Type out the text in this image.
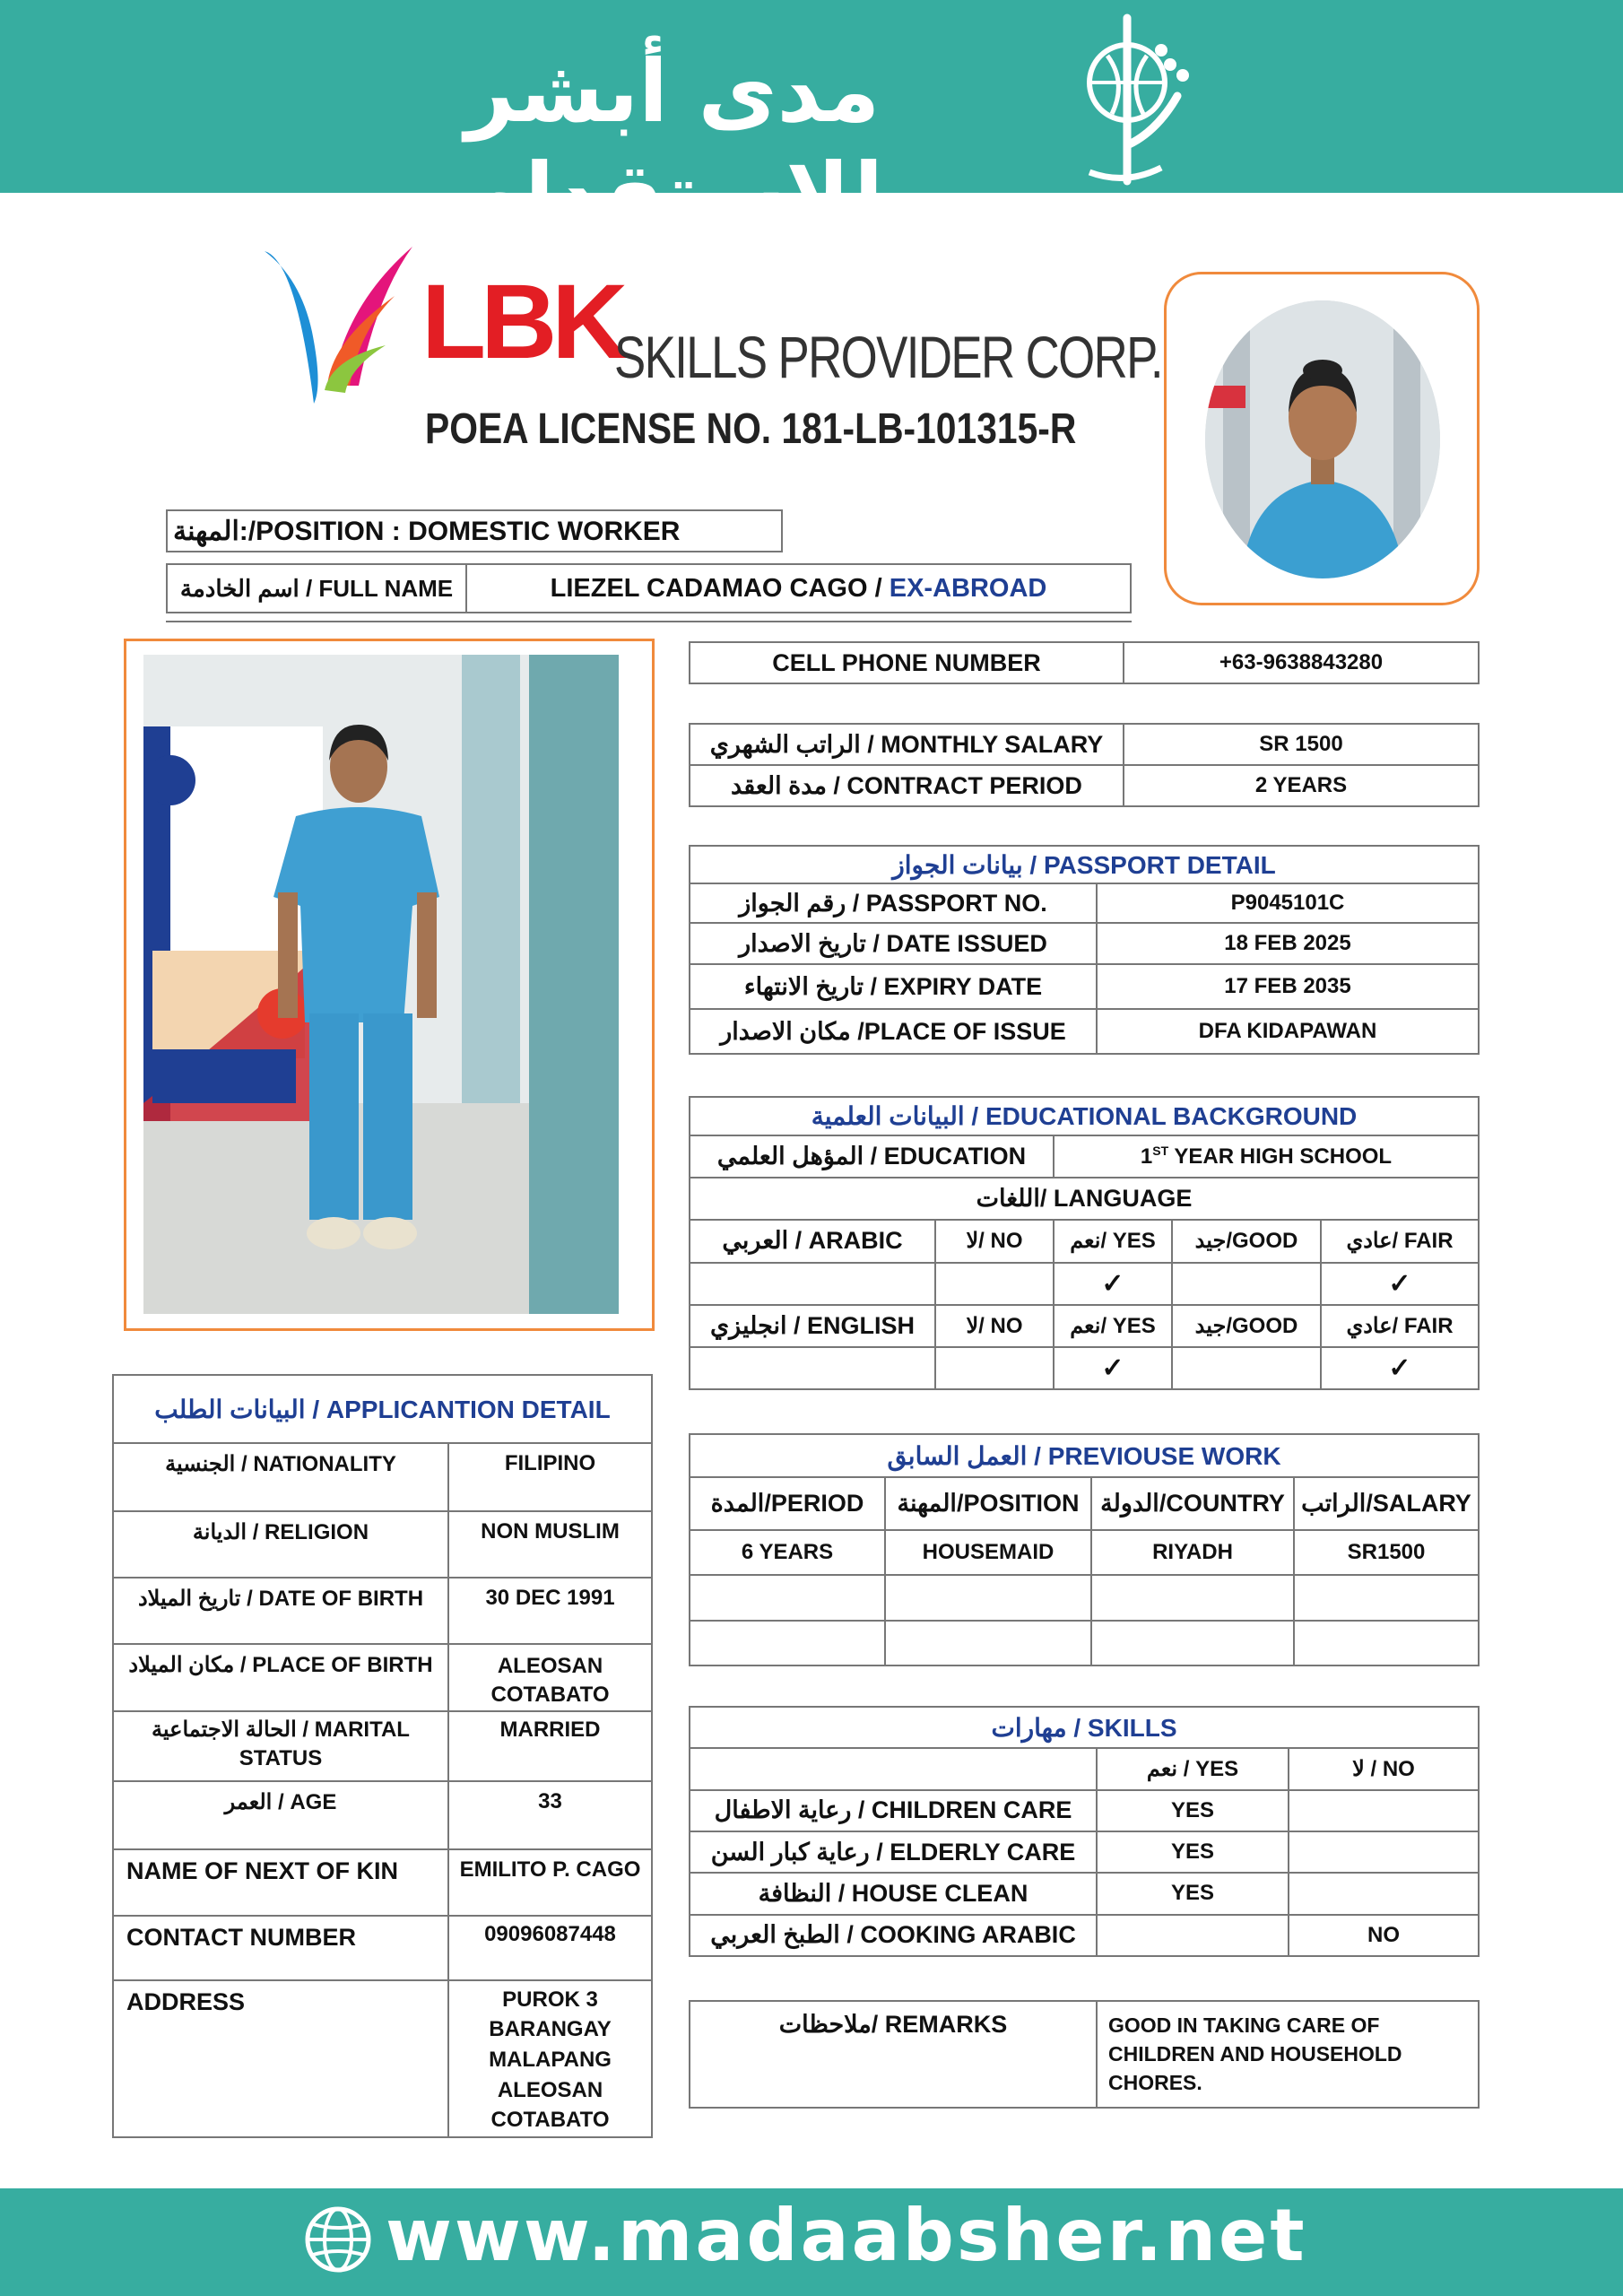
مدى أبشر للاستقدام
LBK
SKILLS PROVIDER CORP.
POEA LICENSE NO. 181-LB-101315-R
المهنة:/POSITION : DOMESTIC WORKER
اسم الخادمة / FULL NAME	LIEZEL CADAMAO CAGO / EX-ABROAD
CELL PHONE NUMBER	+63-9638843280
الراتب الشهري / MONTHLY SALARY	SR 1500
مدة العقد / CONTRACT PERIOD	2 YEARS
بيانات الجواز / PASSPORT DETAIL	
رقم الجواز / PASSPORT NO.	P9045101C
تاريخ الاصدار / DATE ISSUED	18 FEB 2025
تاريخ الانتهاء / EXPIRY DATE	17 FEB 2035
مكان الاصدار /PLACE OF ISSUE	DFA KIDAPAWAN
البيانات العلمية / EDUCATIONAL BACKGROUND				
المؤهل العلمي / EDUCATION		1ST YEAR HIGH SCHOOL		
اللغات/ LANGUAGE				
العربي / ARABIC	لا/ NO	نعم/ YES	جيد/GOOD	عادي/ FAIR
		✓		✓
انجليزي / ENGLISH	لا/ NO	نعم/ YES	جيد/GOOD	عادي/ FAIR
		✓		✓
البيانات الطلب / APPLICANTION DETAIL	
الجنسية / NATIONALITY	FILIPINO
الديانة / RELIGION	NON MUSLIM
تاريخ الميلاد / DATE OF BIRTH	30 DEC 1991
مكان الميلاد / PLACE OF BIRTH	ALEOSAN COTABATO
الحالة الاجتماعية / MARITAL STATUS	MARRIED
العمر / AGE	33
NAME OF NEXT OF KIN	EMILITO P. CAGO
CONTACT NUMBER	09096087448
ADDRESS	PUROK 3 BARANGAY MALAPANG ALEOSAN COTABATO
العمل السابق / PREVIOUSE WORK			
المدة/PERIOD	المهنة/POSITION	الدولة/COUNTRY	الراتب/SALARY
6 YEARS	HOUSEMAID	RIYADH	SR1500

مهارات / SKILLS		
	نعم / YES	لا / NO
رعاية الاطفال / CHILDREN CARE	YES	
رعاية كبار السن / ELDERLY CARE	YES	
النظافة / HOUSE CLEAN	YES	
الطبخ العربي / COOKING ARABIC		NO
ملاحظات/ REMARKS	GOOD IN TAKING CARE OF CHILDREN AND HOUSEHOLD CHORES.
www.madaabsher.net
